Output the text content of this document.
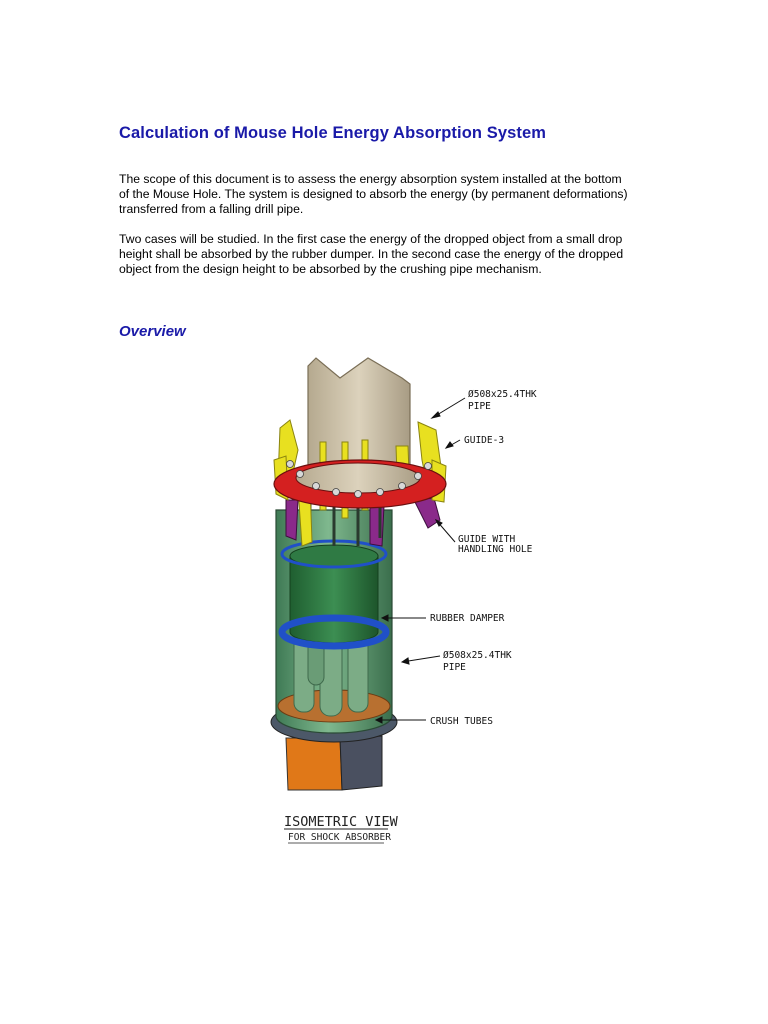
Calculation of Mouse Hole Energy Absorption System

The scope of this document is to assess the energy absorption system installed at the bottom
of the Mouse Hole. The system is designed to absorb the energy (by permanent deformations)
transferred from a falling drill pipe.

Two cases will be studied. In the first case the energy of the dropped object from a small drop
height shall be absorbed by the rubber dumper. In the second case the energy of the dropped
object from the design height to be absorbed by the crushing pipe mechanism.

Overview
Ø508x25.4THK
PIPE
GUIDE-3
GUIDE WITH
HANDLING HOLE
RUBBER DAMPER
Ø508x25.4THK
PIPE
CRUSH TUBES
ISOMETRIC VIEW
FOR SHOCK ABSORBER
